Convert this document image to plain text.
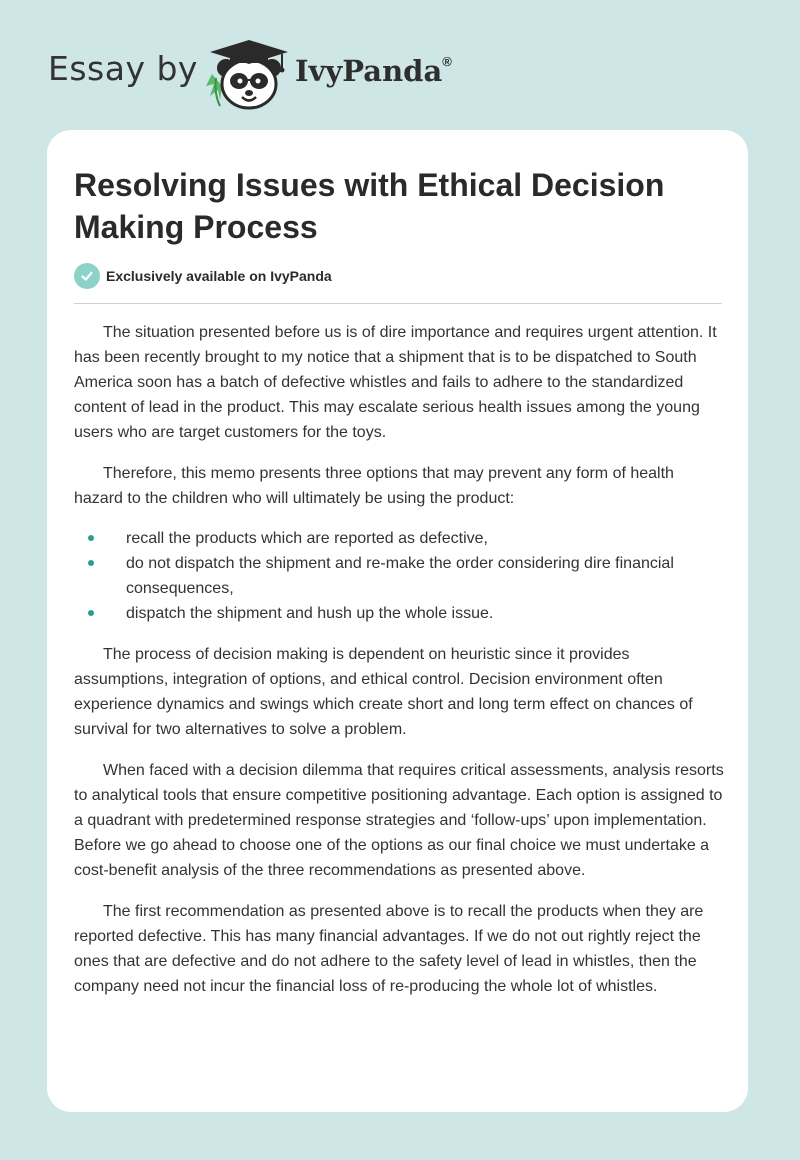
Essay by	IvyPanda®
Resolving Issues with Ethical Decision Making Process
Exclusively available on IvyPanda

The situation presented before us is of dire importance and requires urgent attention. It has been recently brought to my notice that a shipment that is to be dispatched to South America soon has a batch of defective whistles and fails to adhere to the standardized content of lead in the product. This may escalate serious health issues among the young users who are target customers for the toys.

Therefore, this memo presents three options that may prevent any form of health hazard to the children who will ultimately be using the product:

recall the products which are reported as defective,
do not dispatch the shipment and re-make the order considering dire financial consequences,
dispatch the shipment and hush up the whole issue.

The process of decision making is dependent on heuristic since it provides assumptions, integration of options, and ethical control. Decision environment often experience dynamics and swings which create short and long term effect on chances of survival for two alternatives to solve a problem.

When faced with a decision dilemma that requires critical assessments, analysis resorts to analytical tools that ensure competitive positioning advantage. Each option is assigned to a quadrant with predetermined response strategies and ‘follow-ups’ upon implementation. Before we go ahead to choose one of the options as our final choice we must undertake a cost-benefit analysis of the three recommendations as presented above.

The first recommendation as presented above is to recall the products when they are reported defective. This has many financial advantages. If we do not out rightly reject the ones that are defective and do not adhere to the safety level of lead in whistles, then the company need not incur the financial loss of re-producing the whole lot of whistles.
